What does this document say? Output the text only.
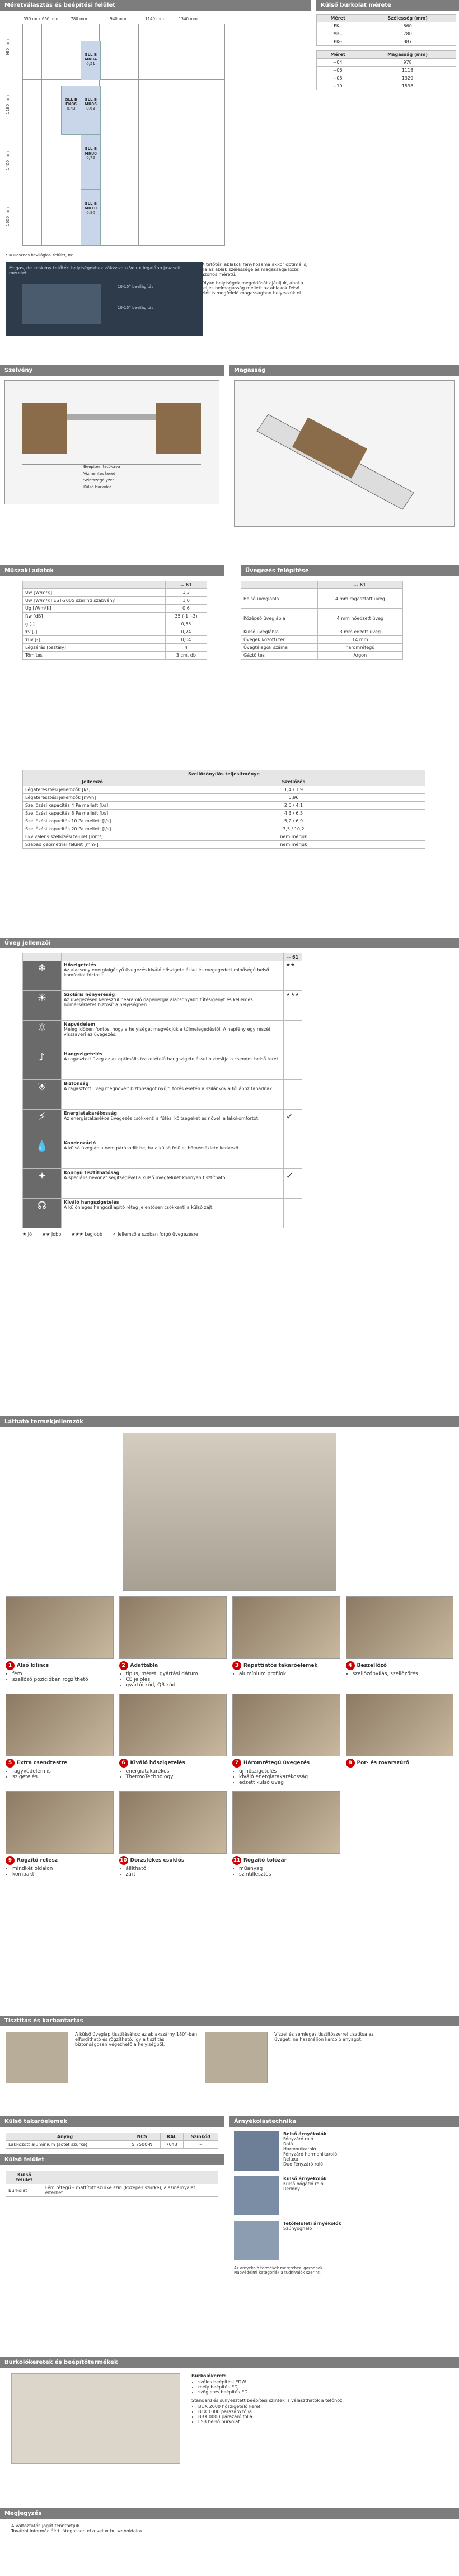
Méretválasztás és beépítési felület	Külső burkolat mérete
Méret	Szélesség (mm)
FK--	660
MK--	780
PK--	887
Méret	Magasság (mm)
--04	978
--06	1118
--08	1329
--10	1598
550 mm 660 mm	780 mm	940 mm	1140 mm	1340 mm
GLL B MK04
0,51
GLL B FK06
0,43
GLL B MK06
0,63
GLL B MK08
0,72
GLL B MK10
0,80
980 mm
1180 mm
1400 mm
1600 mm
* = Hasznos beviláglási felület, m²
Magas, de keskeny tetőtéri helyiségekhez válassza a Velux legalább javasolt méretét.
10-15° bevilágítás
10-15° bevilágítás

A tetőtéri ablakok fényhozama akkor optimális, ha az ablak szélessége és magassága közel azonos méretű.

Olyan helyiségek megoldását ajánljuk, ahol a teljes belmagasság mellett az ablakok felső élét is megfelelő magasságban helyezzük el.

Szelvény
Beépítési tetőkáva
Vízmentes keret
Szintszegélyzet
Külső burkolat
Magasság
Műszaki adatok
	-- 61
Uw [W/m²K]	1,3
Uw [W/m²K] EST-2005 szerinti szabvány	1,0
Ug [W/m²K]	0,6
Rw [dB]	35 (-1; -3)
g [-]	0,55
τv [-]	0,74
τuv [-]	0,04
Légzárás [osztály]	4
Tömítés	3 cm, db
Üvegezés felépítése
	-- 61
Belső üveglábla	4 mm ragasztott üveg
Középső üveglábla	4 mm hőedzett üveg
Külső üveglábla	3 mm edzett üveg
Üvegek közötti tér	14 mm
Üvegtálagok száma	háromrétegű
Gáztöltés	Argon
Szellőzőnyílás teljesítménye	
Jellemző	Szellőzés
Légáteresztési jellemzők [l/s]	1,4 / 1,9
Légáteresztési jellemzők [m³/h]	5,96
Szellőzési kapacitás 4 Pa mellett [l/s]	2,5 / 4,1
Szellőzési kapacitás 8 Pa mellett [l/s]	4,3 / 6,3
Szellőzési kapacitás 10 Pa mellett [l/s]	5,2 / 6,9
Szellőzési kapacitás 20 Pa mellett [l/s]	7,5 / 10,2
Ekvivalens szellőzési felület [mm²]	nem mérjük
Szabad geometriai felület [mm²]	nem mérjük
Üveg jellemzői
		-- 61
❄	Hőszigetelés
Az alacsony energiaigényű üvegezés kiváló hőszigeteléssel és megegedett minőségű belső komfortot biztosít.	★★
☀	Szoláris hőnyereség
Az üvegezésen keresztül beáramló napenergia alacsonyabb fűtésigényt és kellemes hőmérsékletet biztosít a helyiségben.	★★★
☼	Napvédelem
Meleg időben fontos, hogy a helyiséget megvédjük a túlmelegedéstől. A napfény egy részét visszaveri az üvegezés.	
♪	Hangszigetelés
A ragasztott üveg az az optimális összetételű hangszigeteléssel biztosítja a csendes belső teret.	
⛨	Biztonság
A ragasztott üveg megnövelt biztonságot nyújt; törés esetén a szilánkok a fóliához tapadnak.	
⚡	Energiatakarékosság
Az energiatakarékos üvegezés csökkenti a fűtési költségeket és növeli a lakókomfortot.	✓
💧	Kondenzáció
A külső üveglábla nem párásodik be, ha a külső felület hőmérséklete kedvező.	
✦	Könnyű tisztíthatóság
A speciális bevonat segítségével a külső üvegfelület könnyen tisztítható.	✓
☊	Kiváló hangszigetelés
A különleges hangcsillapító réteg jelentősen csökkenti a külső zajt.	
★ Jó ★★ Jobb ★★★ Legjobb ✓ Jellemző a szóban forgó üvegezésre
Látható termékjellemzők
1 Alsó kilincs
• fém
• szellőző pozícióban rögzíthető
2 Adattábla
• típus, méret, gyártási dátum
• CE jelölés
• gyártói kód, QR kód
3 Rápattintós takaróelemek
• alumínium profilok
4 Beszellőző
• szellőzőnyílás, szellőzőrés
5 Extra csendtestre
• fagyvédelem is
• szigetelés
6 Kiváló hőszigetelés
• energiatakarékos
• ThermoTechnology
7 Háromrétegű üvegezés
• új hőszigetelés
• kiváló energiatakarékosság
• edzett külső üveg
8 Por- és rovarszűrő
9 Rögzítő retesz
• mindkét oldalon
• kompakt
10 Dörzsfékes csuklós
• állítható
• zárt
11 Rögzítő tolózár
• műanyag
• szintillesztés
Tisztítás és karbantartás

A külső üveglap tisztításához az ablakszárny 180°-ban elfordítható és rögzíthető, így a tisztítás biztonságosan végezhető a helyiségből.

Vízzel és semleges tisztítószerrel tisztítsa az üveget, ne használjon karcoló anyagot.

Külső takaróelemek
Anyag	NCS	RAL	Színkód
Lakkozott alumínium (sötét szürke)	S 7500-N	7043	–
Külső felület
Külső felület	
Burkolat	Fém rétegű – mattított szürke szín (közepes szürke), a színárnyalat eltérhet.
Árnyékolástechnika
Belső árnyékolók
Fényzáró roló
Roló
Harmonikaroló
Fényzáró harmonikaroló
Reluxa
Duo fényzáró roló
Külső árnyékolók
Külső hőgátló roló
Redőny
Tetőfelületi árnyékolók
Szúnyogháló
Az árnyékoló termékek méretéhez igazodnak.
Napvédelmi kategóriák a tudnivalók szerint.
Burkolókeretek és beépítőtermékek
Burkolókeret:
• széles beépítési EDW
• mély beépítés EDJ
• szögletes beépítés ED
Standard és süllyesztett beépítési szintek is választhatók a tetőhöz.
• BDX 2000 hőszigetelő keret
• BFX 1000 párazáró fólia
• BBX 0000 párazáró fólia
• LSB belső burkolat
Megjegyzés
A változtatás jogát fenntartjuk.
További információért látogasson el a velux.hu weboldalra.
